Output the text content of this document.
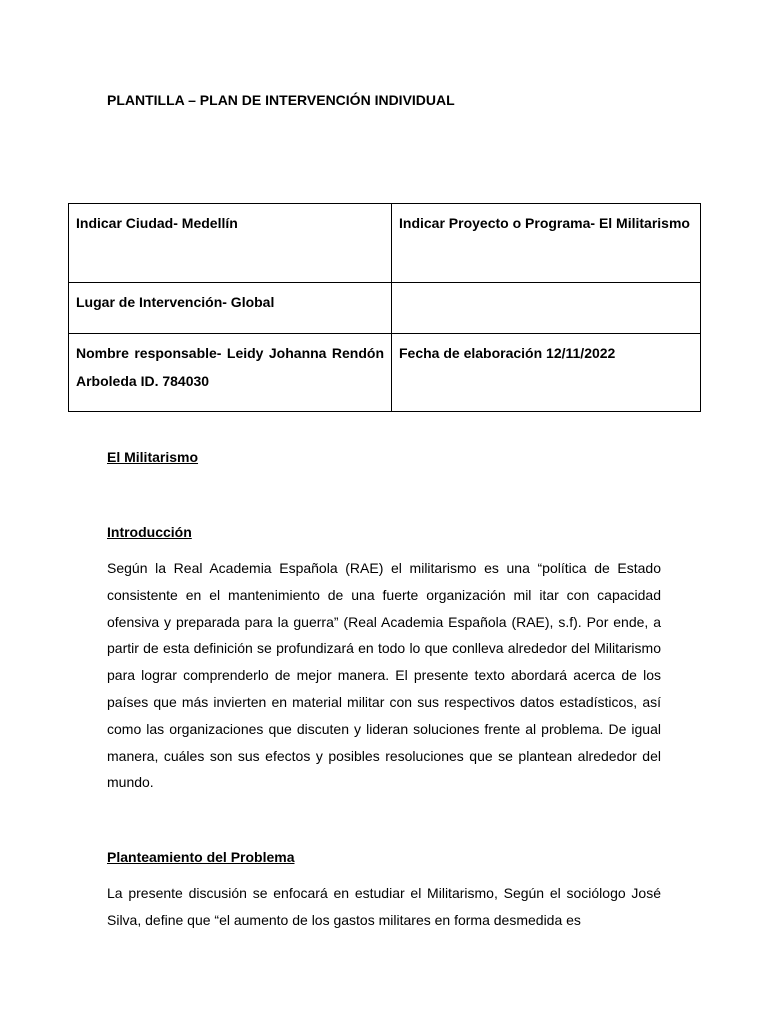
PLANTILLA – PLAN DE INTERVENCIÓN INDIVIDUAL
Indicar Ciudad- Medellín	Indicar Proyecto o Programa- El Militarismo
Lugar de Intervención- Global	
Nombre responsable- Leidy Johanna Rendón Arboleda ID. 784030	Fecha de elaboración 12/11/2022
El Militarismo
Introducción

Según la Real Academia Española (RAE) el militarismo es una “política de Estado consistente en el mantenimiento de una fuerte organización mil itar con capacidad ofensiva y preparada para la guerra” (Real Academia Española (RAE), s.f). Por ende, a partir de esta definición se profundizará en todo lo que conlleva alrededor del Militarismo para lograr comprenderlo de mejor manera. El presente texto abordará acerca de los países que más invierten en material militar con sus respectivos datos estadísticos, así como las organizaciones que discuten y lideran soluciones frente al problema. De igual manera, cuáles son sus efectos y posibles resoluciones que se plantean alrededor del mundo.

Planteamiento del Problema

La presente discusión se enfocará en estudiar el Militarismo, Según el sociólogo José Silva, define que “el aumento de los gastos militares en forma desmedida es
